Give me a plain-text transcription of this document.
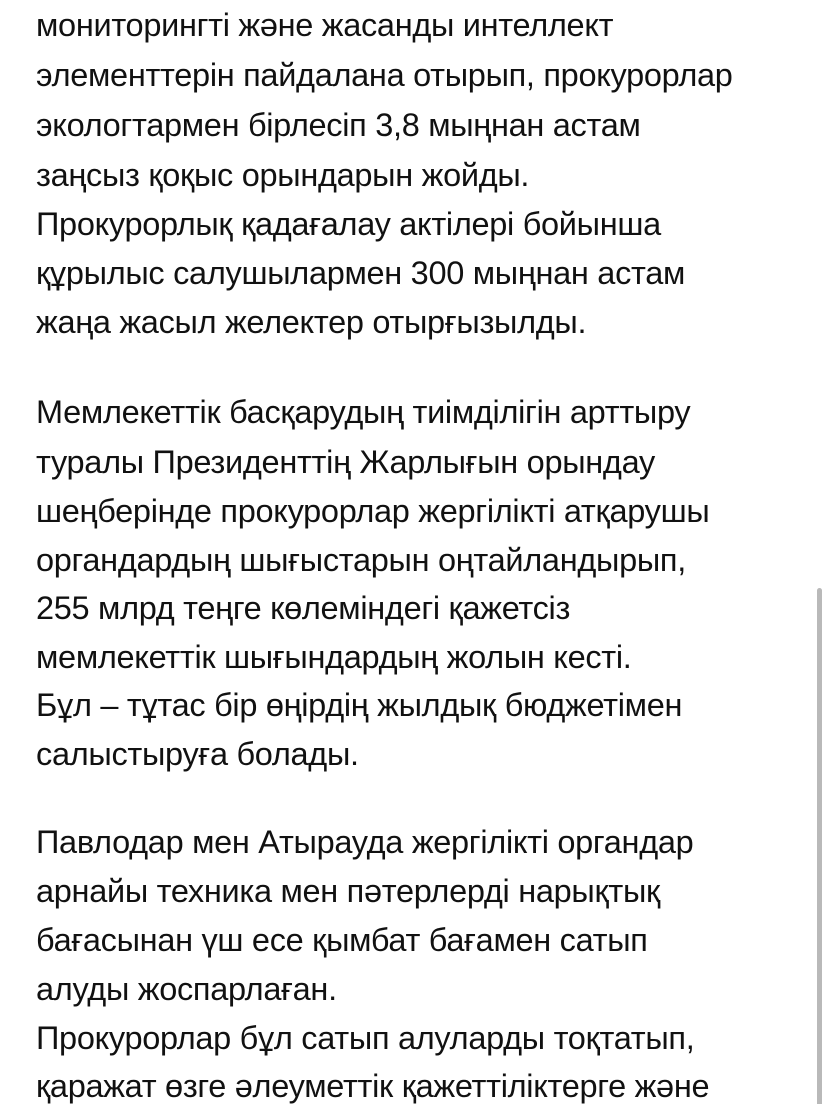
мониторингті және жасанды интеллект
элементтерін пайдалана отырып, прокурорлар
экологтармен бірлесіп 3,8 мыңнан астам
заңсыз қоқыс орындарын жойды.
Прокурорлық қадағалау актілері бойынша
құрылыс салушылармен 300 мыңнан астам
жаңа жасыл желектер отырғызылды.
Мемлекеттік басқарудың тиімділігін арттыру
туралы Президенттің Жарлығын орындау
шеңберінде прокурорлар жергілікті атқарушы
органдардың шығыстарын оңтайландырып,
255 млрд теңге көлеміндегі қажетсіз
мемлекеттік шығындардың жолын кесті.
Бұл – тұтас бір өңірдің жылдық бюджетімен
салыстыруға болады.
Павлодар мен Атырауда жергілікті органдар
арнайы техника мен пәтерлерді нарықтық
бағасынан үш есе қымбат бағамен сатып
алуды жоспарлаған.
Прокурорлар бұл сатып алуларды тоқтатып,
қаражат өзге әлеуметтік қажеттіліктерге және
